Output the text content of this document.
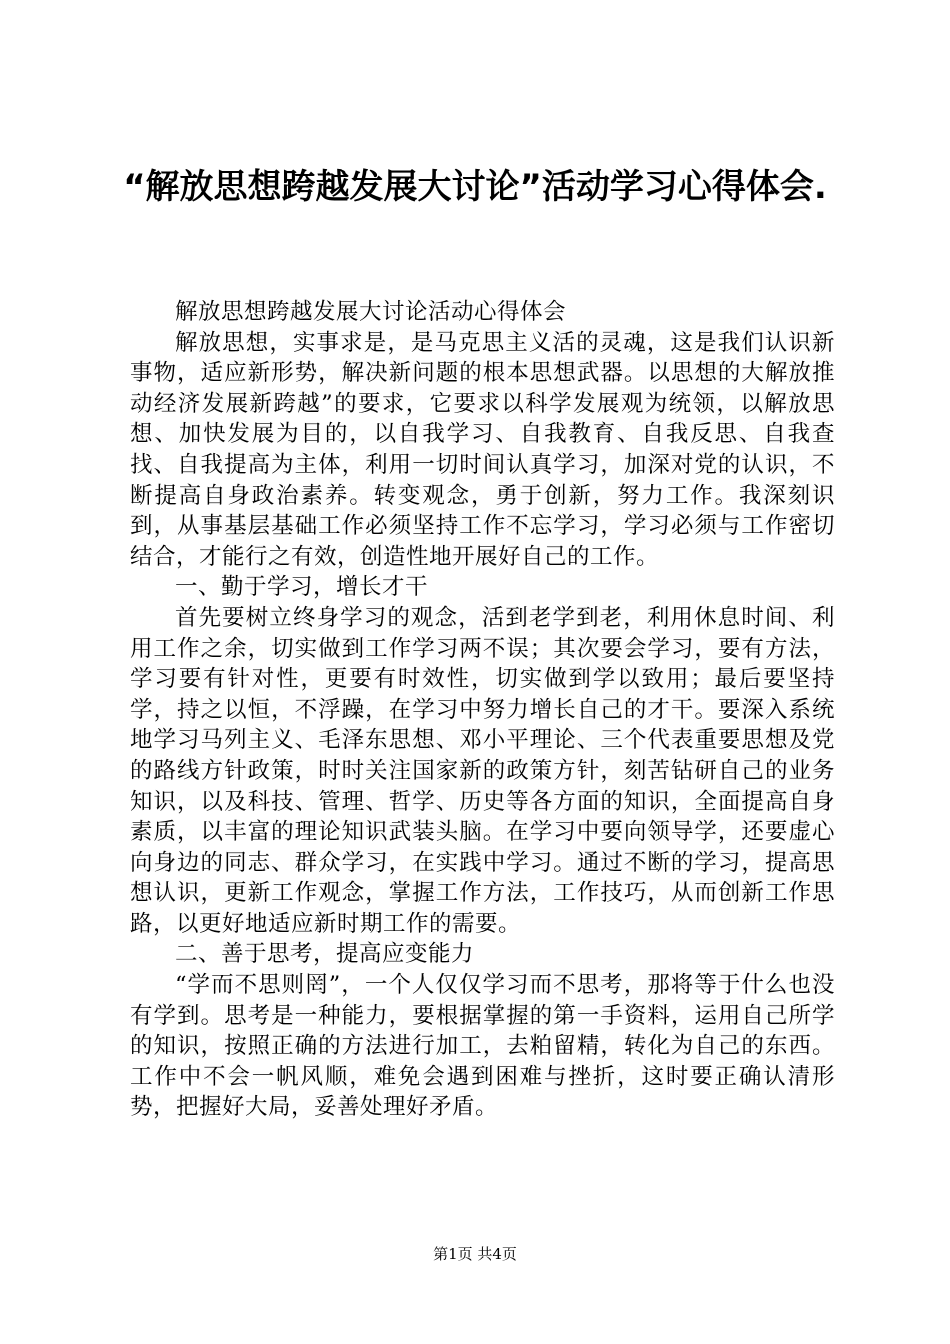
“解放思想跨越发展大讨论”活动学习心得体会.

解放思想跨越发展大讨论活动心得体会

解放思想，实事求是，是马克思主义活的灵魂，这是我们认识新事物，适应新形势，解决新问题的根本思想武器。以思想的大解放推动经济发展新跨越”的要求，它要求以科学发展观为统领，以解放思想、加快发展为目的，以自我学习、自我教育、自我反思、自我查找、自我提高为主体，利用一切时间认真学习，加深对党的认识，不断提高自身政治素养。转变观念，勇于创新，努力工作。我深刻识到，从事基层基础工作必须坚持工作不忘学习，学习必须与工作密切结合，才能行之有效，创造性地开展好自己的工作。

一、勤于学习，增长才干

首先要树立终身学习的观念，活到老学到老，利用休息时间、利用工作之余，切实做到工作学习两不误；其次要会学习，要有方法，学习要有针对性，更要有时效性，切实做到学以致用；最后要坚持学，持之以恒，不浮躁，在学习中努力增长自己的才干。要深入系统地学习马列主义、毛泽东思想、邓小平理论、三个代表重要思想及党的路线方针政策，时时关注国家新的政策方针，刻苦钻研自己的业务知识，以及科技、管理、哲学、历史等各方面的知识，全面提高自身素质，以丰富的理论知识武装头脑。在学习中要向领导学，还要虚心向身边的同志、群众学习，在实践中学习。通过不断的学习，提高思想认识，更新工作观念，掌握工作方法，工作技巧，从而创新工作思路，以更好地适应新时期工作的需要。

二、善于思考，提高应变能力

“学而不思则罔”，一个人仅仅学习而不思考，那将等于什么也没有学到。思考是一种能力，要根据掌握的第一手资料，运用自己所学的知识，按照正确的方法进行加工，去粕留精，转化为自己的东西。工作中不会一帆风顺，难免会遇到困难与挫折，这时要正确认清形势，把握好大局，妥善处理好矛盾。

第1页 共4页
